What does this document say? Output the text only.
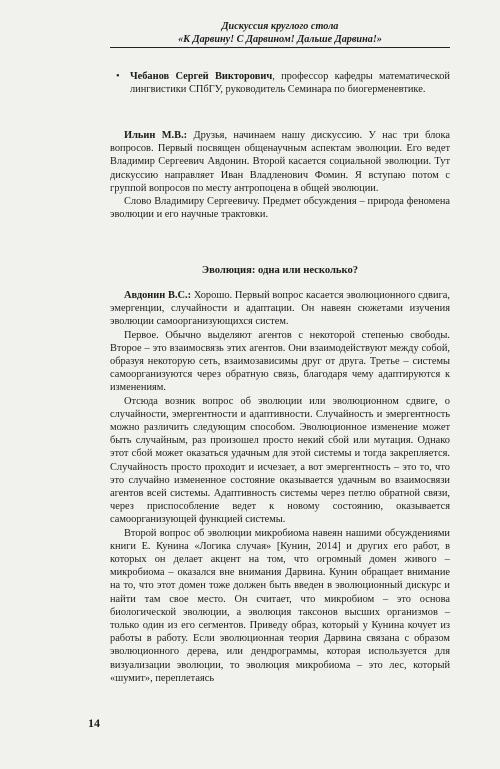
Дискуссия круглого стола
«К Дарвину! С Дарвином! Дальше Дарвина!»
• Чебанов Сергей Викторович, профессор кафедры математической лингвистики СПбГУ, руководитель Семинара по биогерменевтике.

Ильин М.В.: Друзья, начинаем нашу дискуссию. У нас три блока вопросов. Первый посвящен общенаучным аспектам эволюции. Его ведет Владимир Сергеевич Авдонин. Второй касается социальной эволюции. Тут дискуссию направляет Иван Владленович Фомин. Я вступаю потом с группой вопросов по месту антропоцена в общей эволюции.

Слово Владимиру Сергеевичу. Предмет обсуждения – природа феномена эволюции и его научные трактовки.

Эволюция: одна или несколько?

Авдонин В.С.: Хорошо. Первый вопрос касается эволюционного сдвига, эмергенции, случайности и адаптации. Он навеян сюжетами изучения эволюции самоорганизующихся систем.

Первое. Обычно выделяют агентов с некоторой степенью свободы. Второе – это взаимосвязь этих агентов. Они взаимодействуют между собой, образуя некоторую сеть, взаимозависимы друг от друга. Третье – системы самоорганизуются через обратную связь, благодаря чему адаптируются к изменениям.

Отсюда возник вопрос об эволюции или эволюционном сдвиге, о случайности, эмергентности и адаптивности. Случайность и эмергентность можно различить следующим способом. Эволюционное изменение может быть случайным, раз произошел просто некий сбой или мутация. Однако этот сбой может оказаться удачным для этой системы и тогда закрепляется. Случайность просто проходит и исчезает, а вот эмергентность – это то, что это случайно измененное состояние оказывается удачным во взаимосвязи агентов всей системы. Адаптивность системы через петлю обратной связи, через приспособление ведет к новому состоянию, оказывается самоорганизующей функцией системы.

Второй вопрос об эволюции микробиома навеян нашими обсуждениями книги Е. Кунина «Логика случая» [Кунин, 2014] и других его работ, в которых он делает акцент на том, что огромный домен живого – микробиома – оказался вне внимания Дарвина. Кунин обращает внимание на то, что этот домен тоже должен быть введен в эволюционный дискурс и найти там свое место. Он считает, что микробиом – это основа биологической эволюции, а эволюция таксонов высших организмов – только один из его сегментов. Приведу образ, который у Кунина кочует из работы в работу. Если эволюционная теория Дарвина связана с образом эволюционного дерева, или дендрограммы, которая используется для визуализации эволюции, то эволюция микробиома – это лес, который «шумит», переплетаясь

14
